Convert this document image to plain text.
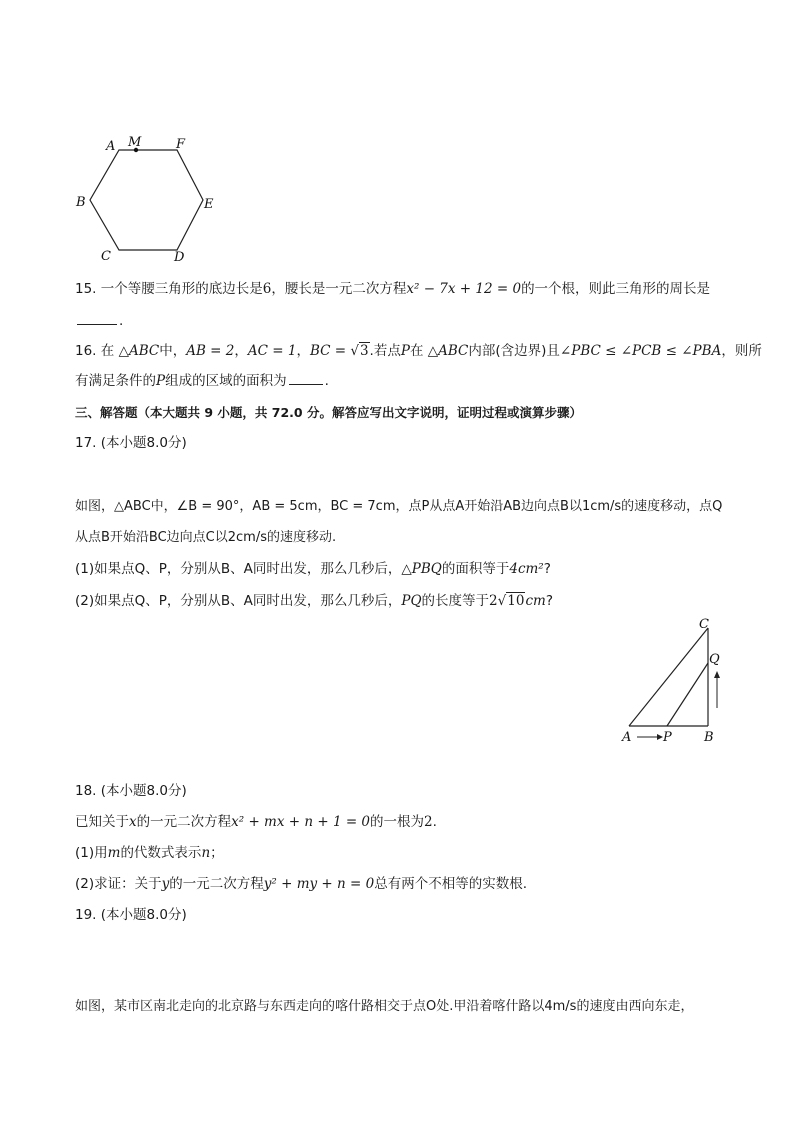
A M	F
B	E
C	D
15. 一个等腰三角形的底边长是6，腰长是一元二次方程x² − 7x + 12 = 0的一个根，则此三角形的周长是
.
16. 在 △ABC中，AB = 2，AC = 1，BC = √3.若点P在 △ABC内部(含边界)且∠PBC ≤ ∠PCB ≤ ∠PBA，则所
有满足条件的P组成的区域的面积为	.
三、解答题（本大题共 9 小题，共 72.0 分。解答应写出文字说明，证明过程或演算步骤）
17. (本小题8.0分)
如图，△ABC中，∠B = 90°，AB = 5cm，BC = 7cm，点P从点A开始沿AB边向点B以1cm/s的速度移动，点Q
从点B开始沿BC边向点C以2cm/s的速度移动.
(1)如果点Q、P，分别从B、A同时出发，那么几秒后，△PBQ的面积等于4cm²?
(2)如果点Q、P，分别从B、A同时出发，那么几秒后，PQ的长度等于2√10cm?
C
Q
A P B
18. (本小题8.0分)
已知关于x的一元二次方程x² + mx + n + 1 = 0的一根为2.
(1)用m的代数式表示n；
(2)求证：关于y的一元二次方程y² + my + n = 0总有两个不相等的实数根.
19. (本小题8.0分)
如图，某市区南北走向的北京路与东西走向的喀什路相交于点O处.甲沿着喀什路以4m/s的速度由西向东走，
